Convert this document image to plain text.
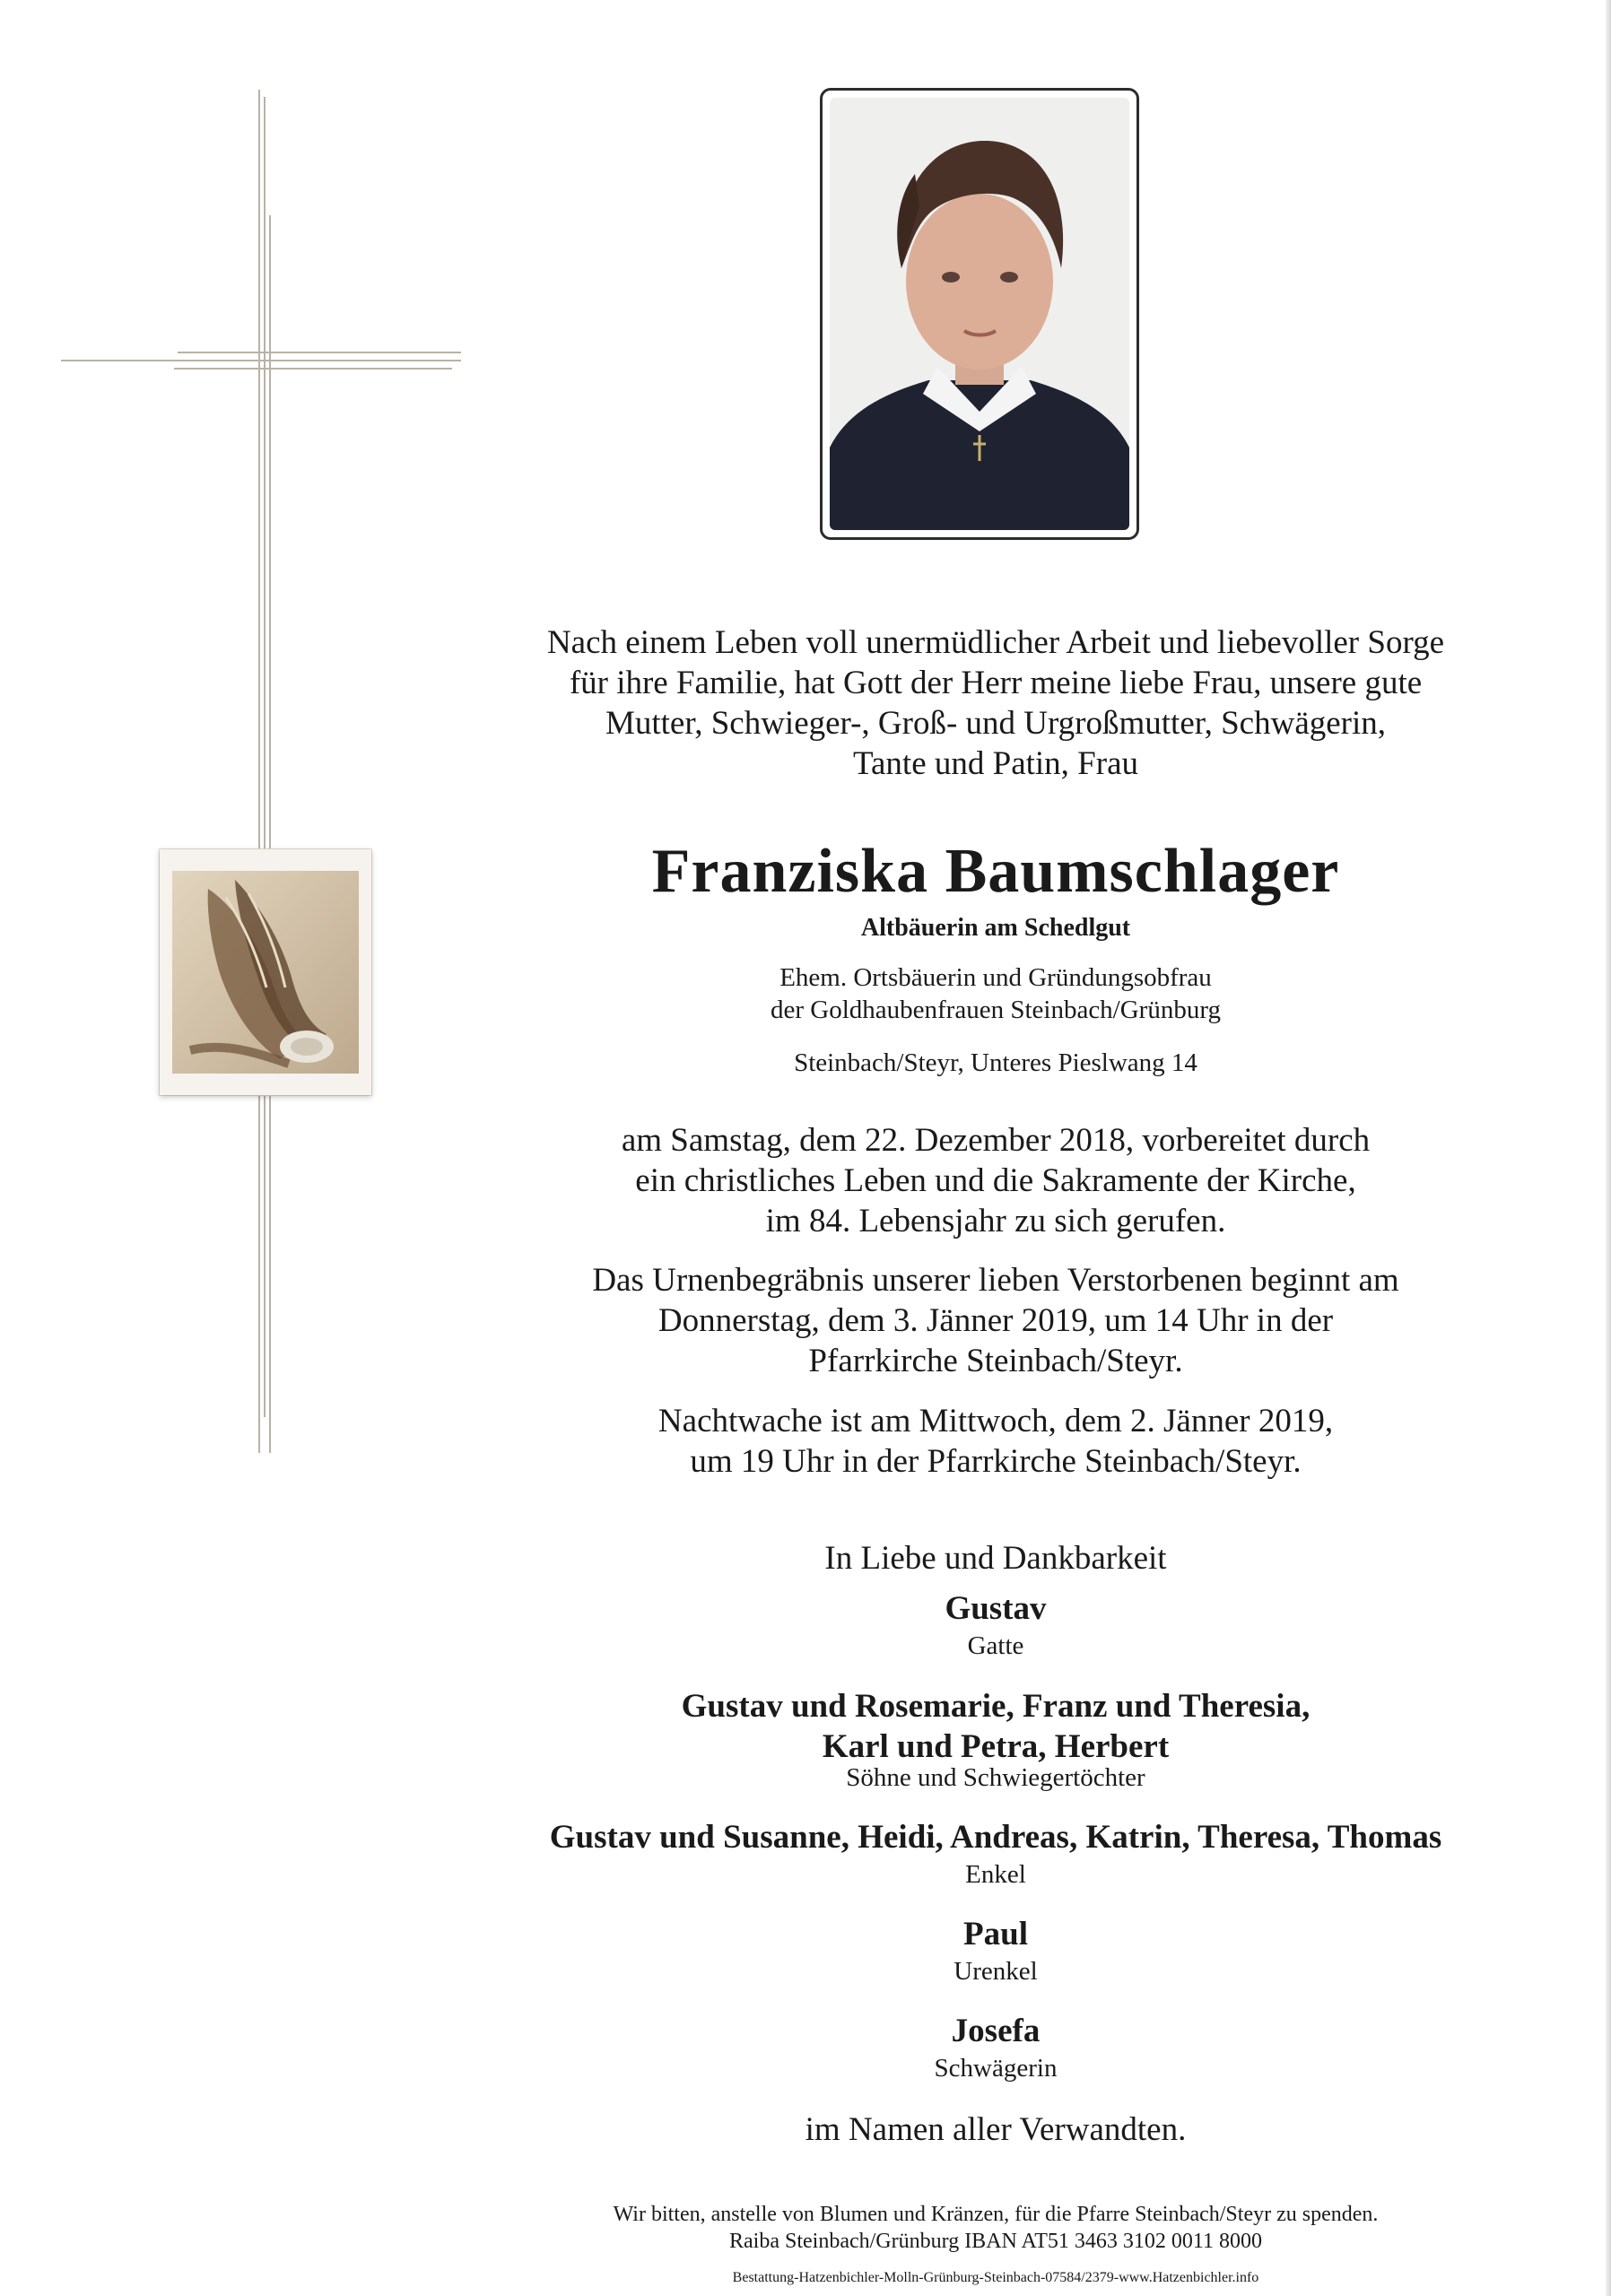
Nach einem Leben voll unermüdlicher Arbeit und liebevoller Sorge
für ihre Familie, hat Gott der Herr meine liebe Frau, unsere gute
Mutter, Schwieger-, Groß- und Urgroßmutter, Schwägerin,
Tante und Patin, Frau
Franziska Baumschlager
Altbäuerin am Schedlgut
Ehem. Ortsbäuerin und Gründungsobfrau
der Goldhaubenfrauen Steinbach/Grünburg
Steinbach/Steyr, Unteres Pieslwang 14
am Samstag, dem 22. Dezember 2018, vorbereitet durch
ein christliches Leben und die Sakramente der Kirche,
im 84. Lebensjahr zu sich gerufen.
Das Urnenbegräbnis unserer lieben Verstorbenen beginnt am
Donnerstag, dem 3. Jänner 2019, um 14 Uhr in der
Pfarrkirche Steinbach/Steyr.
Nachtwache ist am Mittwoch, dem 2. Jänner 2019,
um 19 Uhr in der Pfarrkirche Steinbach/Steyr.
In Liebe und Dankbarkeit
Gustav
Gatte
Gustav und Rosemarie, Franz und Theresia,
Karl und Petra, Herbert
Söhne und Schwiegertöchter
Gustav und Susanne, Heidi, Andreas, Katrin, Theresa, Thomas
Enkel
Paul
Urenkel
Josefa
Schwägerin
im Namen aller Verwandten.
Wir bitten, anstelle von Blumen und Kränzen, für die Pfarre Steinbach/Steyr zu spenden.
Raiba Steinbach/Grünburg IBAN AT51 3463 3102 0011 8000
Bestattung-Hatzenbichler-Molln-Grünburg-Steinbach-07584/2379-www.Hatzenbichler.info
